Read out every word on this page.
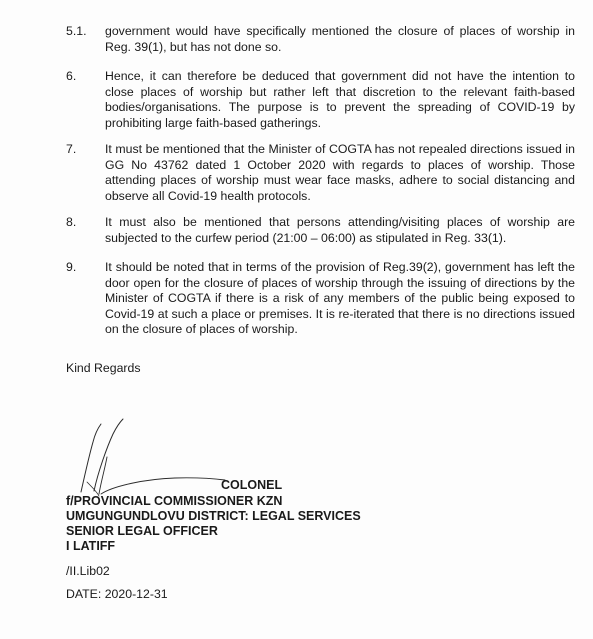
5.1. government would have specifically mentioned the closure of places of worship in Reg. 39(1), but has not done so.
6. Hence, it can therefore be deduced that government did not have the intention to close places of worship but rather left that discretion to the relevant faith-based bodies/organisations. The purpose is to prevent the spreading of COVID-19 by prohibiting large faith-based gatherings.
7. It must be mentioned that the Minister of COGTA has not repealed directions issued in GG No 43762 dated 1 October 2020 with regards to places of worship. Those attending places of worship must wear face masks, adhere to social distancing and observe all Covid-19 health protocols.
8. It must also be mentioned that persons attending/visiting places of worship are subjected to the curfew period (21:00 – 06:00) as stipulated in Reg. 33(1).
9. It should be noted that in terms of the provision of Reg.39(2), government has left the door open for the closure of places of worship through the issuing of directions by the Minister of COGTA if there is a risk of any members of the public being exposed to Covid-19 at such a place or premises. It is re-iterated that there is no directions issued on the closure of places of worship.
Kind Regards
COLONEL
f/PROVINCIAL COMMISSIONER KZN
UMGUNGUNDLOVU DISTRICT: LEGAL SERVICES
SENIOR LEGAL OFFICER
I LATIFF
/II.Lib02
DATE: 2020-12-31
